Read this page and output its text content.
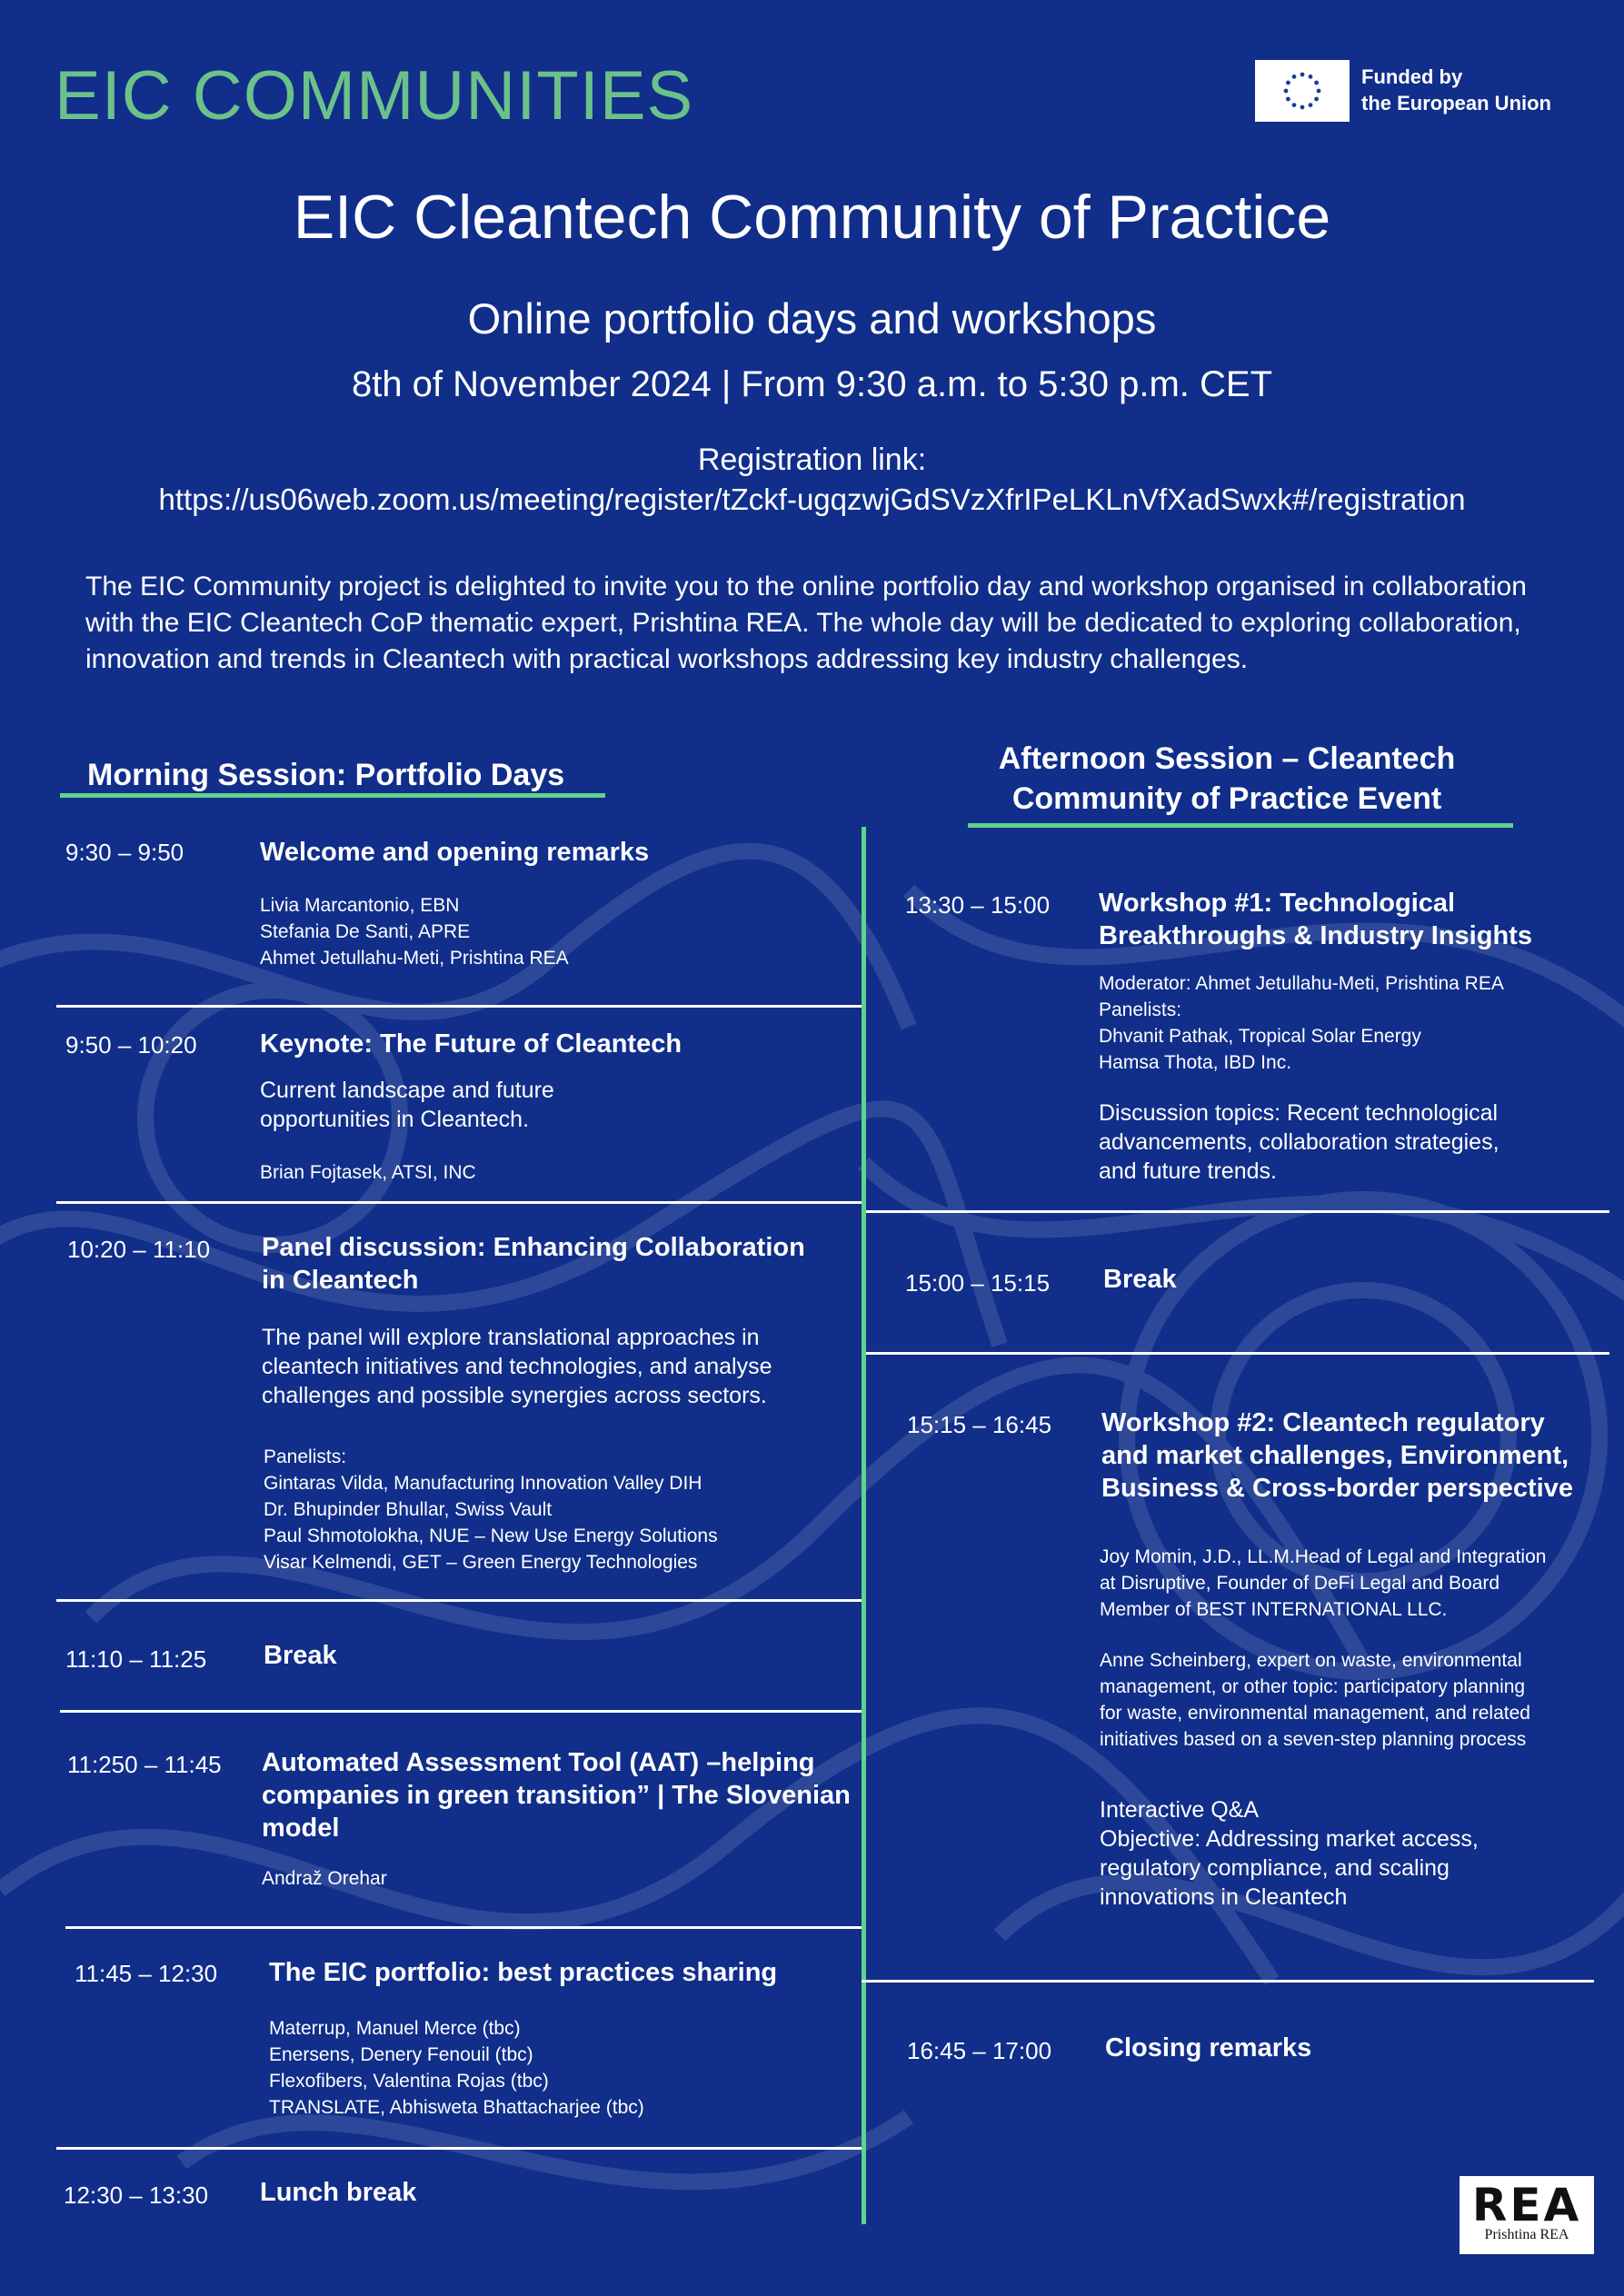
EIC COMMUNITIES	Funded by
the European Union
EIC Cleantech Community of Practice
Online portfolio days and workshops
8th of November 2024 | From 9:30 a.m. to 5:30 p.m. CET
Registration link:
https://us06web.zoom.us/meeting/register/tZckf-ugqzwjGdSVzXfrIPeLKLnVfXadSwxk#/registration
The EIC Community project is delighted to invite you to the online portfolio day and workshop organised in collaboration with the EIC Cleantech CoP thematic expert, Prishtina REA. The whole day will be dedicated to exploring collaboration, innovation and trends in Cleantech with practical workshops addressing key industry challenges.
Morning Session: Portfolio Days	Afternoon Session – Cleantech
Community of Practice Event
9:30 – 9:50	Welcome and opening remarks
Livia Marcantonio, EBN
Stefania De Santi, APRE
Ahmet Jetullahu-Meti, Prishtina REA
9:50 – 10:20 Keynote: The Future of Cleantech
Current landscape and future
opportunities in Cleantech.
Brian Fojtasek, ATSI, INC
10:20 – 11:10 Panel discussion: Enhancing Collaboration
in Cleantech
The panel will explore translational approaches in
cleantech initiatives and technologies, and analyse
challenges and possible synergies across sectors.
Panelists:
Gintaras Vilda, Manufacturing Innovation Valley DIH
Dr. Bhupinder Bhullar, Swiss Vault
Paul Shmotolokha, NUE – New Use Energy Solutions
Visar Kelmendi, GET – Green Energy Technologies
11:10 – 11:25 Break
11:250 – 11:45 Automated Assessment Tool (AAT) –helping
companies in green transition” | The Slovenian
model
Andraž Orehar
11:45 – 12:30 The EIC portfolio: best practices sharing
Materrup, Manuel Merce (tbc)
Enersens, Denery Fenouil (tbc)
Flexofibers, Valentina Rojas (tbc)
TRANSLATE, Abhisweta Bhattacharjee (tbc)
12:30 – 13:30 Lunch break
13:30 – 15:00 Workshop #1: Technological
Breakthroughs & Industry Insights
Moderator: Ahmet Jetullahu-Meti, Prishtina REA
Panelists:
Dhvanit Pathak, Tropical Solar Energy
Hamsa Thota, IBD Inc.
Discussion topics: Recent technological
advancements, collaboration strategies,
and future trends.
15:00 – 15:15 Break
15:15 – 16:45 Workshop #2: Cleantech regulatory
and market challenges, Environment,
Business & Cross-border perspective
Joy Momin, J.D., LL.M.Head of Legal and Integration
at Disruptive, Founder of DeFi Legal and Board
Member of BEST INTERNATIONAL LLC.
Anne Scheinberg, expert on waste, environmental
management, or other topic: participatory planning
for waste, environmental management, and related
initiatives based on a seven-step planning process
Interactive Q&A
Objective: Addressing market access,
regulatory compliance, and scaling
innovations in Cleantech
16:45 – 17:00 Closing remarks
REA
Prishtina REA
